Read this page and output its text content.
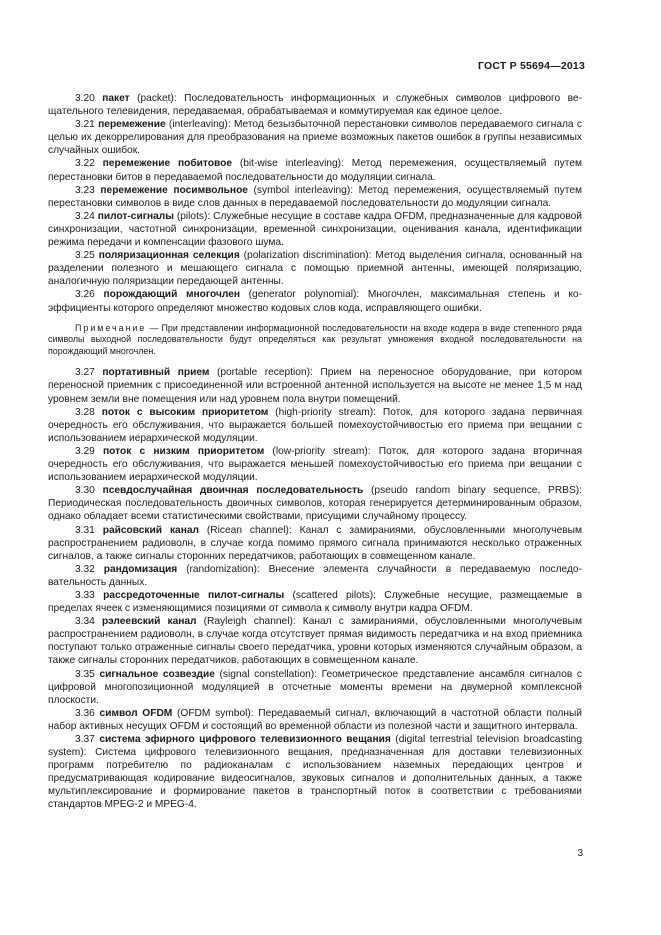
ГОСТ Р 55694—2013

3.20 пакет (packet): Последовательность информационных и служебных символов цифрового вещательного телевидения, передаваемая, обрабатываемая и коммутируемая как единое целое.

3.21 перемежение (interleaving): Метод безызбыточной перестановки символов передаваемого сигнала с целью их декоррелирования для преобразования на приеме возможных пакетов ошибок в группы независимых случайных ошибок.

3.22 перемежение побитовое (bit-wise interleaving): Метод перемежения, осуществляемый путем перестановки битов в передаваемой последовательности до модуляции сигнала.

3.23 перемежение посимвольное (symbol interleaving): Метод перемежения, осуществляемый путем перестановки символов в виде слов данных в передаваемой последовательности до модуляции сигнала.

3.24 пилот-сигналы (pilots): Служебные несущие в составе кадра OFDM, предназначенные для кадровой синхронизации, частотной синхронизации, временной синхронизации, оценивания канала, идентификации режима передачи и компенсации фазового шума.

3.25 поляризационная селекция (polarization discrimination): Метод выделения сигнала, основанный на разделении полезного и мешающего сигнала с помощью приемной антенны, имеющей поляризацию, аналогичную поляризации передающей антенны.

3.26 порождающий многочлен (generator polynomial): Многочлен, максимальная степень и коэффициенты которого определяют множество кодовых слов кода, исправляющего ошибки.

Примечание — При представлении информационной последовательности на входе кодера в виде степенного ряда символы выходной последовательности будут определяться как результат умножения входной последовательности на порождающий многочлен.

3.27 портативный прием (portable reception): Прием на переносное оборудование, при котором переносной приемник с присоединенной или встроенной антенной используется на высоте не менее 1,5 м над уровнем земли вне помещения или над уровнем пола внутри помещений.

3.28 поток с высоким приоритетом (high-priority stream): Поток, для которого задана первичная очередность его обслуживания, что выражается большей помехоустойчивостью его приема при вещании с использованием иерархической модуляции.

3.29 поток с низким приоритетом (low-priority stream): Поток, для которого задана вторичная очередность его обслуживания, что выражается меньшей помехоустойчивостью его приема при вещании с использованием иерархической модуляции.

3.30 псевдослучайная двоичная последовательность (pseudo random binary sequence, PRBS): Периодическая последовательность двоичных символов, которая генерируется детерминированным образом, однако обладает всеми статистическими свойствами, присущими случайному процессу.

3.31 райсовский канал (Ricean channel): Канал с замираниями, обусловленными многолучевым распространением радиоволн, в случае когда помимо прямого сигнала принимаются несколько отраженных сигналов, а также сигналы сторонних передатчиков, работающих в совмещенном канале.

3.32 рандомизация (randomization): Внесение элемента случайности в передаваемую последовательность данных.

3.33 рассредоточенные пилот-сигналы (scattered pilots): Служебные несущие, размещаемые в пределах ячеек с изменяющимися позициями от символа к символу внутри кадра OFDM.

3.34 рэлеевский канал (Rayleigh channel): Канал с замираниями, обусловленными многолучевым распространением радиоволн, в случае когда отсутствует прямая видимость передатчика и на вход приемника поступают только отраженные сигналы своего передатчика, уровни которых изменяются случайным образом, а также сигналы сторонних передатчиков, работающих в совмещенном канале.

3.35 сигнальное созвездие (signal constellation): Геометрическое представление ансамбля сигналов с цифровой многопозиционной модуляцией в отсчетные моменты времени на двумерной комплексной плоскости.

3.36 символ OFDM (OFDM symbol): Передаваемый сигнал, включающий в частотной области полный набор активных несущих OFDM и состоящий во временной области из полезной части и защитного интервала.

3.37 система эфирного цифрового телевизионного вещания (digital terrestrial television broadcasting system): Система цифрового телевизионного вещания, предназначенная для доставки телевизионных программ потребителю по радиоканалам с использованием наземных передающих центров и предусматривающая кодирование видеосигналов, звуковых сигналов и дополнительных данных, а также мультиплексирование и формирование пакетов в транспортный поток в соответствии с требованиями стандартов MPEG-2 и MPEG-4.

3
